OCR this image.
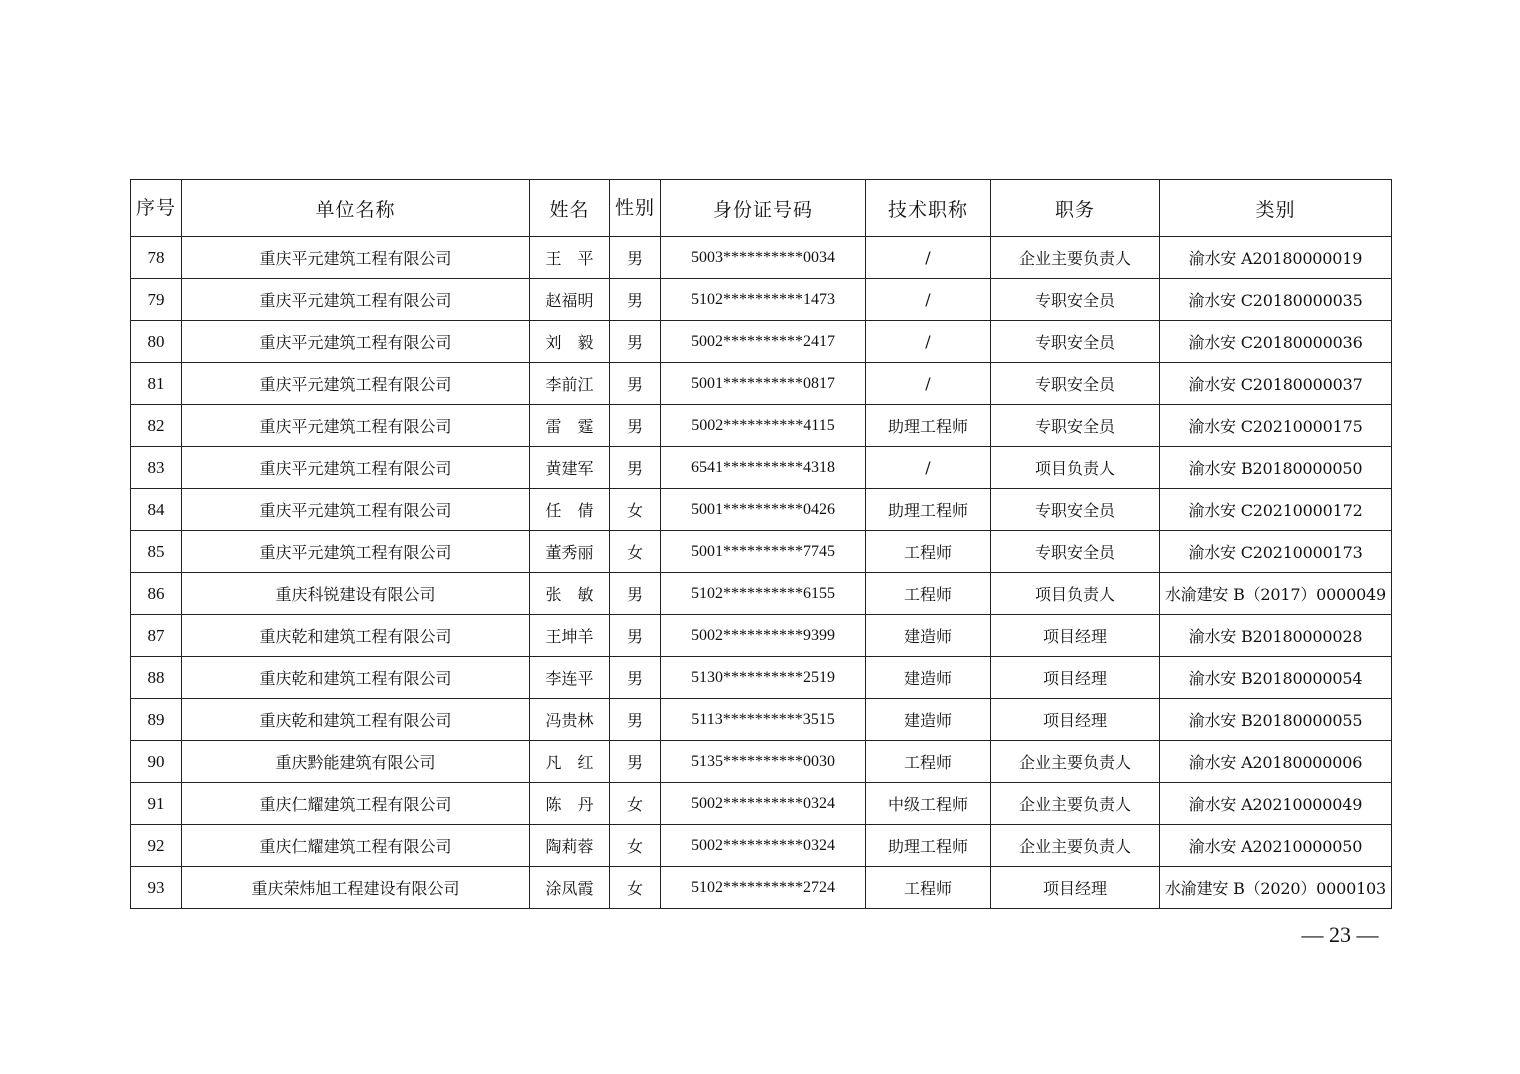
序号	单位名称	姓名	性别	身份证号码	技术职称	职务	类别
78	重庆平元建筑工程有限公司	王　平	男	5003**********0034	/	企业主要负责人	渝水安 A20180000019
79	重庆平元建筑工程有限公司	赵福明	男	5102**********1473	/	专职安全员	渝水安 C20180000035
80	重庆平元建筑工程有限公司	刘　毅	男	5002**********2417	/	专职安全员	渝水安 C20180000036
81	重庆平元建筑工程有限公司	李前江	男	5001**********0817	/	专职安全员	渝水安 C20180000037
82	重庆平元建筑工程有限公司	雷　霆	男	5002**********4115	助理工程师	专职安全员	渝水安 C20210000175
83	重庆平元建筑工程有限公司	黄建军	男	6541**********4318	/	项目负责人	渝水安 B20180000050
84	重庆平元建筑工程有限公司	任　倩	女	5001**********0426	助理工程师	专职安全员	渝水安 C20210000172
85	重庆平元建筑工程有限公司	董秀丽	女	5001**********7745	工程师	专职安全员	渝水安 C20210000173
86	重庆科锐建设有限公司	张　敏	男	5102**********6155	工程师	项目负责人	水渝建安 B（2017）0000049
87	重庆乾和建筑工程有限公司	王坤羊	男	5002**********9399	建造师	项目经理	渝水安 B20180000028
88	重庆乾和建筑工程有限公司	李连平	男	5130**********2519	建造师	项目经理	渝水安 B20180000054
89	重庆乾和建筑工程有限公司	冯贵林	男	5113**********3515	建造师	项目经理	渝水安 B20180000055
90	重庆黔能建筑有限公司	凡　红	男	5135**********0030	工程师	企业主要负责人	渝水安 A20180000006
91	重庆仁耀建筑工程有限公司	陈　丹	女	5002**********0324	中级工程师	企业主要负责人	渝水安 A20210000049
92	重庆仁耀建筑工程有限公司	陶莉蓉	女	5002**********0324	助理工程师	企业主要负责人	渝水安 A20210000050
93	重庆荣炜旭工程建设有限公司	涂凤霞	女	5102**********2724	工程师	项目经理	水渝建安 B（2020）0000103
— 23 —
